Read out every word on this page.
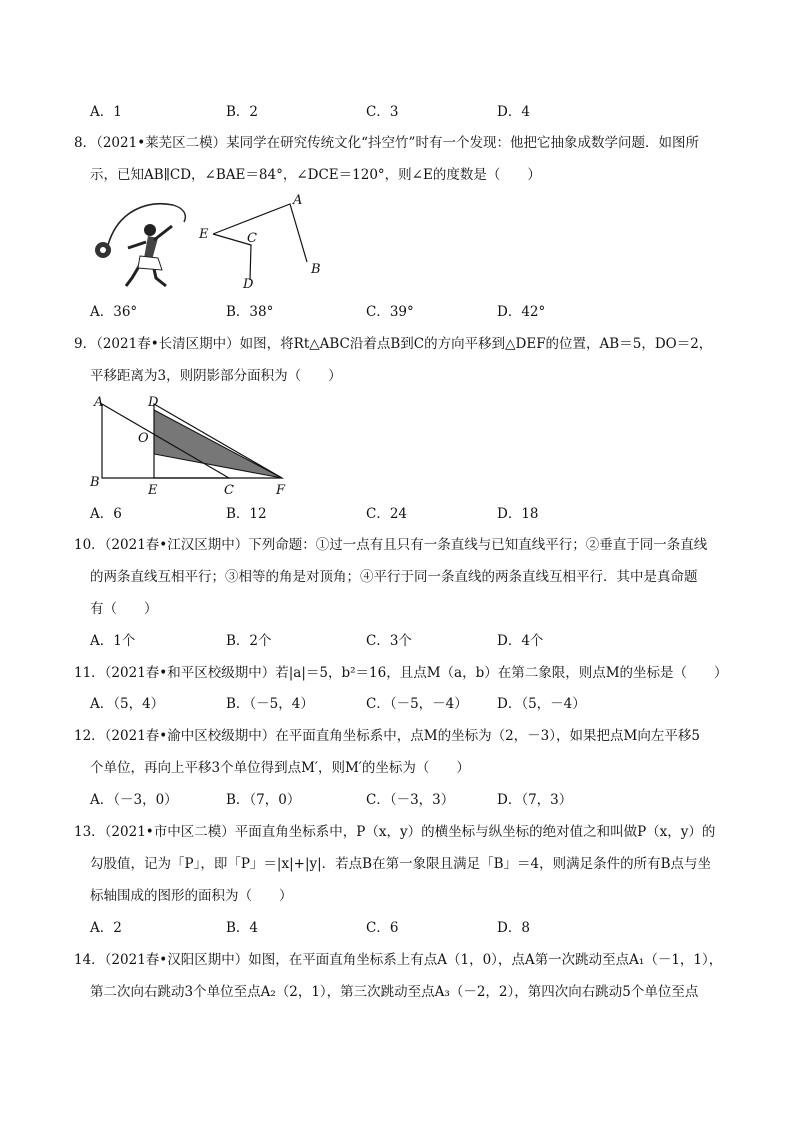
A．1	B．2	C．3	D．4
8．（2021•莱芜区二模）某同学在研究传统文化“抖空竹”时有一个发现：他把它抽象成数学问题．如图所
示，已知AB∥CD，∠BAE＝84°，∠DCE＝120°，则∠E的度数是（　　）
A
E	C
D
B
A．36°	B．38°	C．39°	D．42°
9．（2021春•长清区期中）如图，将Rt△ABC沿着点B到C的方向平移到△DEF的位置，AB＝5，DO＝2，
平移距离为3，则阴影部分面积为（　　）
A	D
O
B
E	C	F
A．6	B．12	C．24	D．18
10．（2021春•江汉区期中）下列命题：①过一点有且只有一条直线与已知直线平行；②垂直于同一条直线
的两条直线互相平行；③相等的角是对顶角；④平行于同一条直线的两条直线互相平行．其中是真命题
有（　　）
A．1个	B．2个	C．3个	D．4个
11．（2021春•和平区校级期中）若|a|＝5，b²＝16，且点M（a，b）在第二象限，则点M的坐标是（　　）
A．（5，4）	B．（－5，4）	C．（－5，－4） D．（5，－4）
12．（2021春•渝中区校级期中）在平面直角坐标系中，点M的坐标为（2，－3），如果把点M向左平移5
个单位，再向上平移3个单位得到点M′，则M′的坐标为（　　）
A．（－3，0）	B．（7，0）	C．（－3，3）	D．（7，3）
13．（2021•市中区二模）平面直角坐标系中，P（x，y）的横坐标与纵坐标的绝对值之和叫做P（x，y）的
勾股值，记为「P」，即「P」＝|x|+|y|．若点B在第一象限且满足「B」＝4，则满足条件的所有B点与坐
标轴围成的图形的面积为（　　）
A．2	B．4	C．6	D．8
14．（2021春•汉阳区期中）如图，在平面直角坐标系上有点A（1，0），点A第一次跳动至点A₁（－1，1），
第二次向右跳动3个单位至点A₂（2，1），第三次跳动至点A₃（－2，2），第四次向右跳动5个单位至点
